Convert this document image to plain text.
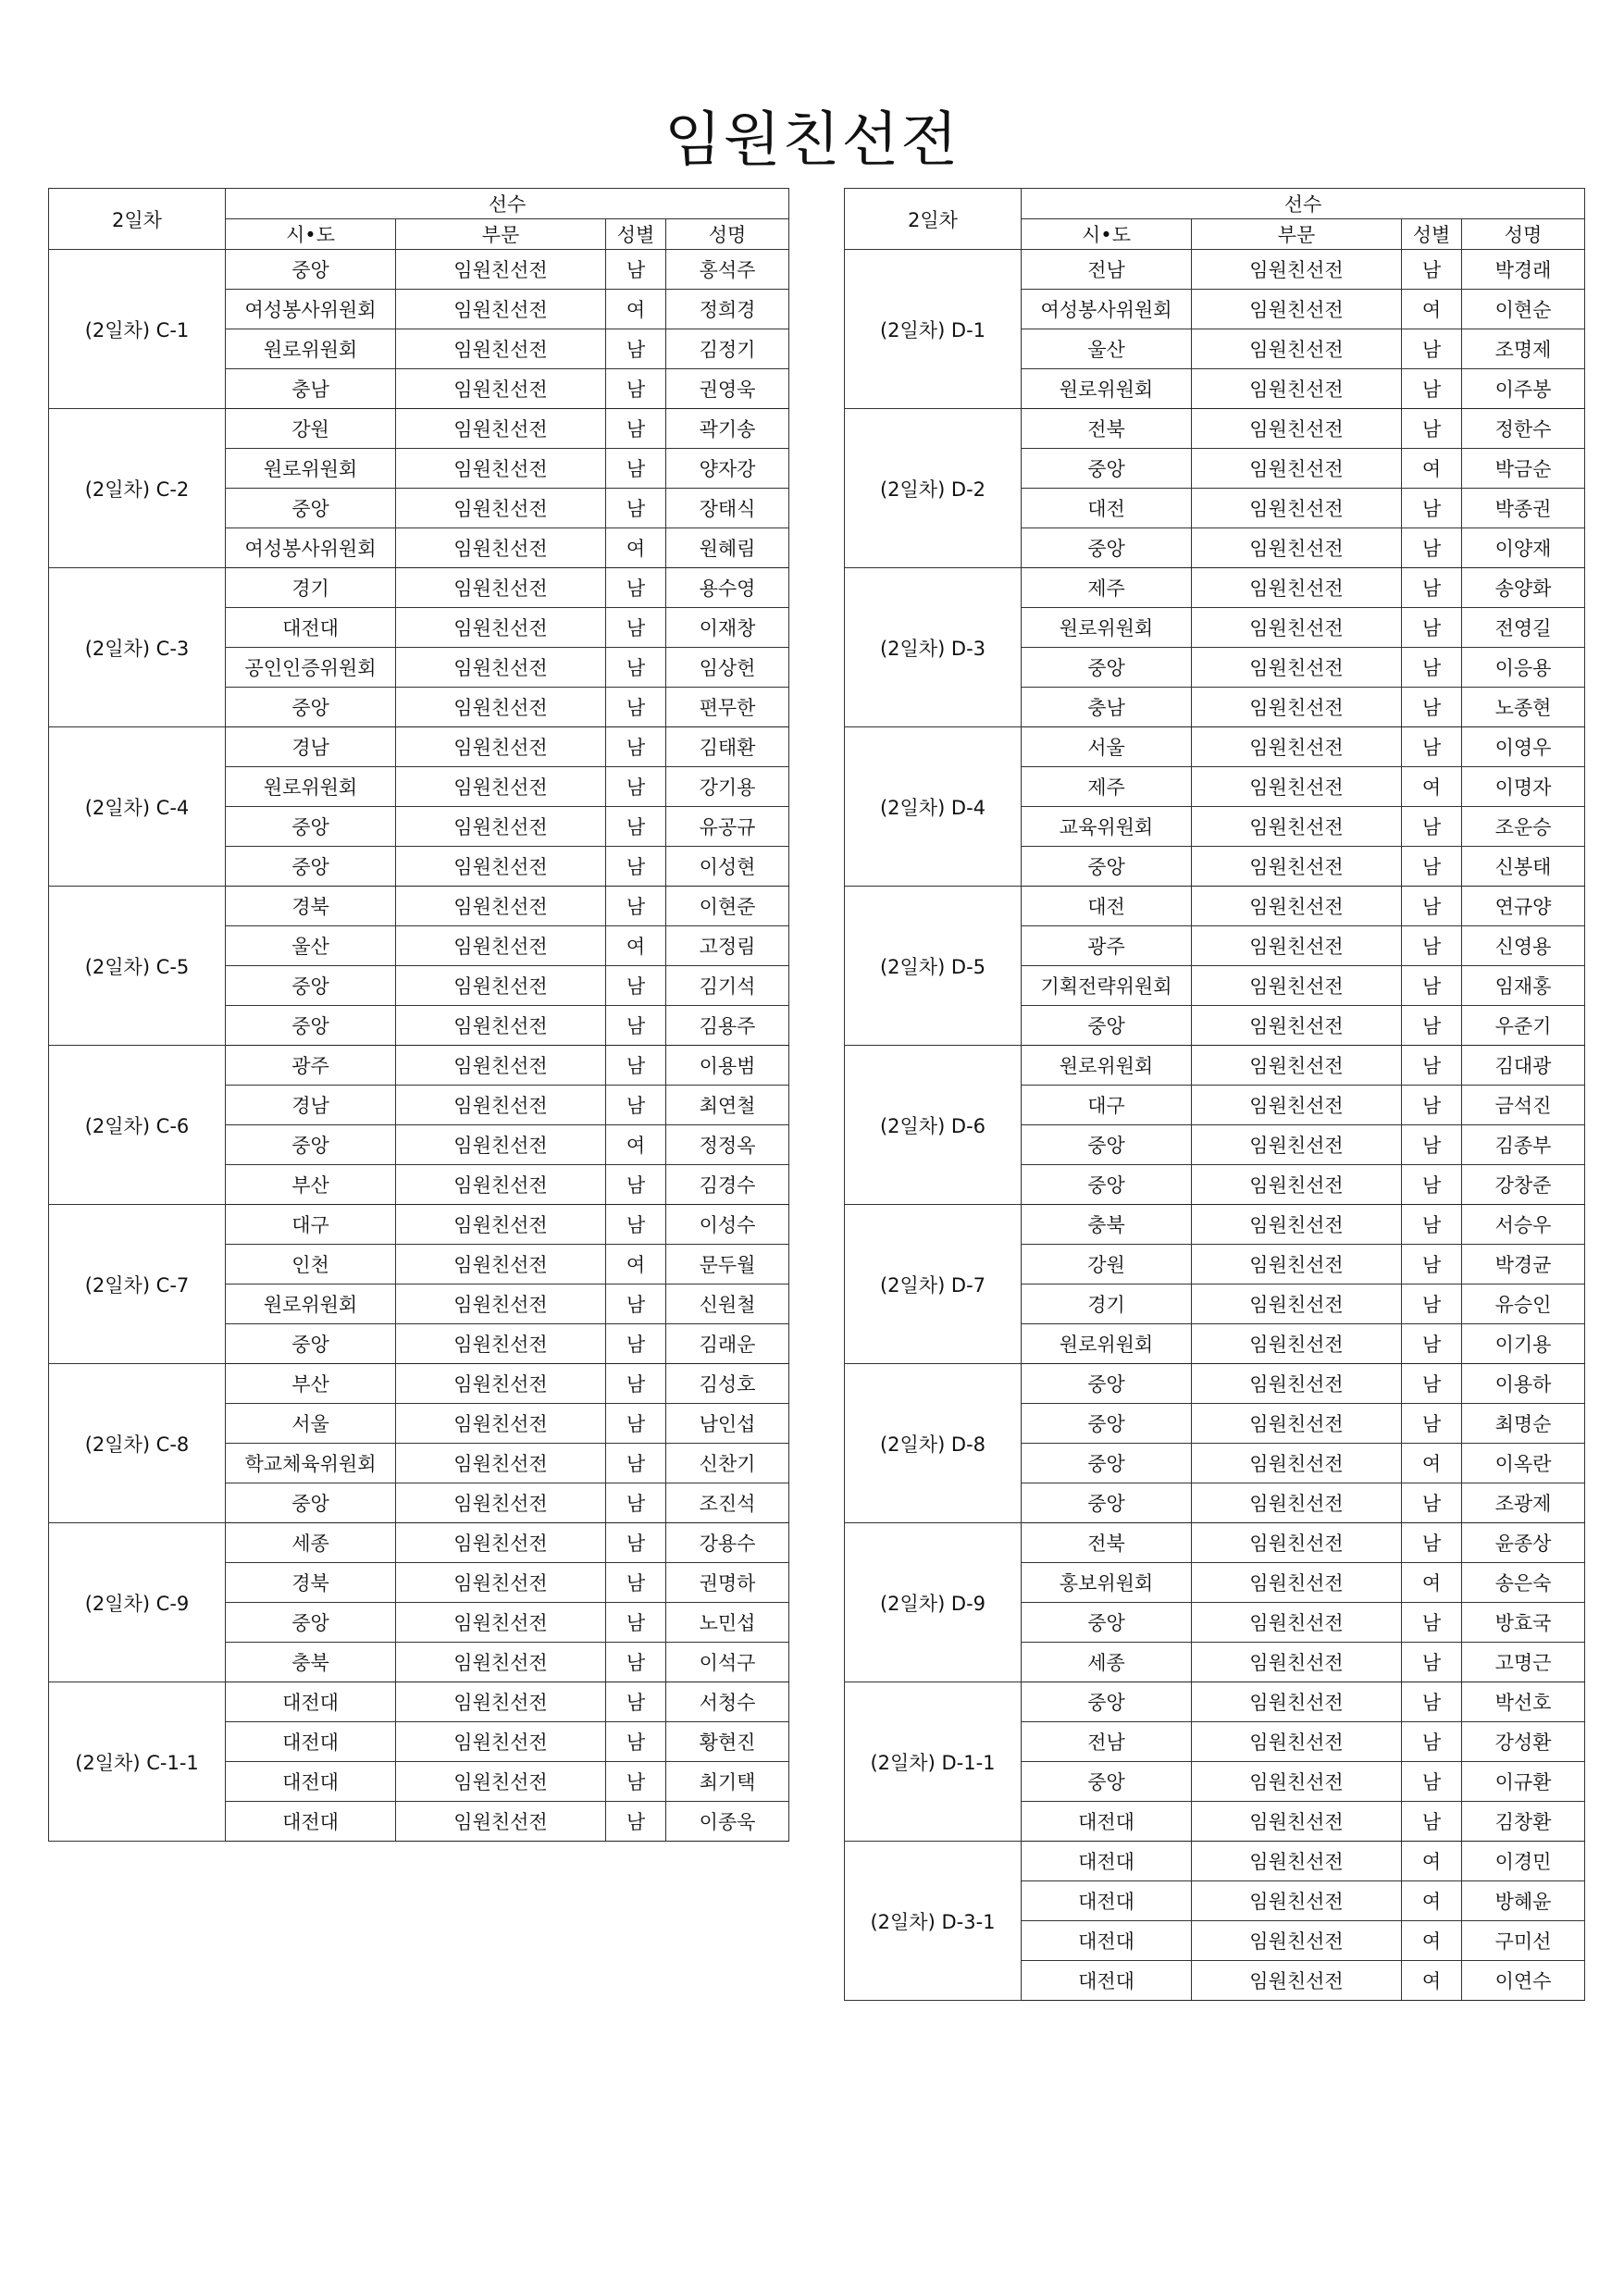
임원친선전
2일차	선수			
	시•도	부문	성별	성명
(2일차) C-1	중앙	임원친선전	남	홍석주
	여성봉사위원회	임원친선전	여	정희경
	원로위원회	임원친선전	남	김정기
	충남	임원친선전	남	권영욱
(2일차) C-2	강원	임원친선전	남	곽기송
	원로위원회	임원친선전	남	양자강
	중앙	임원친선전	남	장태식
	여성봉사위원회	임원친선전	여	원혜림
(2일차) C-3	경기	임원친선전	남	용수영
	대전대	임원친선전	남	이재창
	공인인증위원회	임원친선전	남	임상헌
	중앙	임원친선전	남	편무한
(2일차) C-4	경남	임원친선전	남	김태환
	원로위원회	임원친선전	남	강기용
	중앙	임원친선전	남	유공규
	중앙	임원친선전	남	이성현
(2일차) C-5	경북	임원친선전	남	이현준
	울산	임원친선전	여	고정림
	중앙	임원친선전	남	김기석
	중앙	임원친선전	남	김용주
(2일차) C-6	광주	임원친선전	남	이용범
	경남	임원친선전	남	최연철
	중앙	임원친선전	여	정정옥
	부산	임원친선전	남	김경수
(2일차) C-7	대구	임원친선전	남	이성수
	인천	임원친선전	여	문두월
	원로위원회	임원친선전	남	신원철
	중앙	임원친선전	남	김래운
(2일차) C-8	부산	임원친선전	남	김성호
	서울	임원친선전	남	남인섭
	학교체육위원회	임원친선전	남	신찬기
	중앙	임원친선전	남	조진석
(2일차) C-9	세종	임원친선전	남	강용수
	경북	임원친선전	남	권명하
	중앙	임원친선전	남	노민섭
	충북	임원친선전	남	이석구
(2일차) C-1-1	대전대	임원친선전	남	서청수
	대전대	임원친선전	남	황현진
	대전대	임원친선전	남	최기택
	대전대	임원친선전	남	이종욱
2일차	선수			
	시•도	부문	성별	성명
(2일차) D-1	전남	임원친선전	남	박경래
	여성봉사위원회	임원친선전	여	이현순
	울산	임원친선전	남	조명제
	원로위원회	임원친선전	남	이주봉
(2일차) D-2	전북	임원친선전	남	정한수
	중앙	임원친선전	여	박금순
	대전	임원친선전	남	박종권
	중앙	임원친선전	남	이양재
(2일차) D-3	제주	임원친선전	남	송양화
	원로위원회	임원친선전	남	전영길
	중앙	임원친선전	남	이응용
	충남	임원친선전	남	노종현
(2일차) D-4	서울	임원친선전	남	이영우
	제주	임원친선전	여	이명자
	교육위원회	임원친선전	남	조운승
	중앙	임원친선전	남	신봉태
(2일차) D-5	대전	임원친선전	남	연규양
	광주	임원친선전	남	신영용
	기획전략위원회	임원친선전	남	임재홍
	중앙	임원친선전	남	우준기
(2일차) D-6	원로위원회	임원친선전	남	김대광
	대구	임원친선전	남	금석진
	중앙	임원친선전	남	김종부
	중앙	임원친선전	남	강창준
(2일차) D-7	충북	임원친선전	남	서승우
	강원	임원친선전	남	박경균
	경기	임원친선전	남	유승인
	원로위원회	임원친선전	남	이기용
(2일차) D-8	중앙	임원친선전	남	이용하
	중앙	임원친선전	남	최명순
	중앙	임원친선전	여	이옥란
	중앙	임원친선전	남	조광제
(2일차) D-9	전북	임원친선전	남	윤종상
	홍보위원회	임원친선전	여	송은숙
	중앙	임원친선전	남	방효국
	세종	임원친선전	남	고명근
(2일차) D-1-1	중앙	임원친선전	남	박선호
	전남	임원친선전	남	강성환
	중앙	임원친선전	남	이규환
	대전대	임원친선전	남	김창환
(2일차) D-3-1	대전대	임원친선전	여	이경민
	대전대	임원친선전	여	방혜윤
	대전대	임원친선전	여	구미선
	대전대	임원친선전	여	이연수
